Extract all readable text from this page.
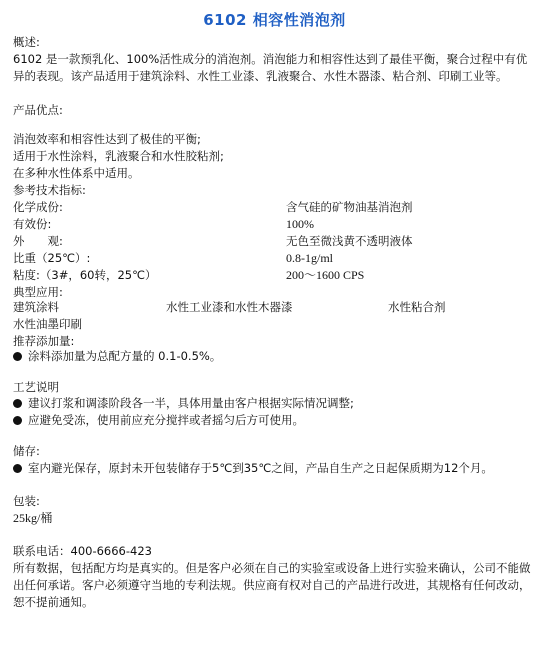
6102 相容性消泡剂
概述:
6102 是一款预乳化、100%活性成分的消泡剂。消泡能力和相容性达到了最佳平衡，聚合过程中有优异的表现。该产品适用于建筑涂料、水性工业漆、乳液聚合、水性木器漆、粘合剂、印刷工业等。
产品优点:
消泡效率和相容性达到了极佳的平衡;
适用于水性涂料，乳液聚合和水性胶粘剂;
在多种水性体系中适用。
参考技术指标:
化学成份:	含气硅的矿物油基消泡剂
有效份:	100%
外　　观:	无色至微浅黄不透明液体
比重（25℃）:	0.8-1g/ml
粘度:（3#，60转，25℃）	200～1600 CPS
典型应用:
建筑涂料	水性工业漆和水性木器漆	水性粘合剂
水性油墨印刷
推荐添加量:
涂料添加量为总配方量的 0.1-0.5%。
工艺说明
建议打浆和调漆阶段各一半，具体用量由客户根据实际情况调整;
应避免受冻，使用前应充分搅拌或者摇匀后方可使用。
储存:
室内避光保存，原封未开包装储存于5℃到35℃之间，产品自生产之日起保质期为12个月。
包装:
25kg/桶
联系电话：400-6666-423
所有数据，包括配方均是真实的。但是客户必须在自己的实验室或设备上进行实验来确认，公司不能做出任何承诺。客户必须遵守当地的专利法规。供应商有权对自己的产品进行改进，其规格有任何改动，恕不提前通知。
